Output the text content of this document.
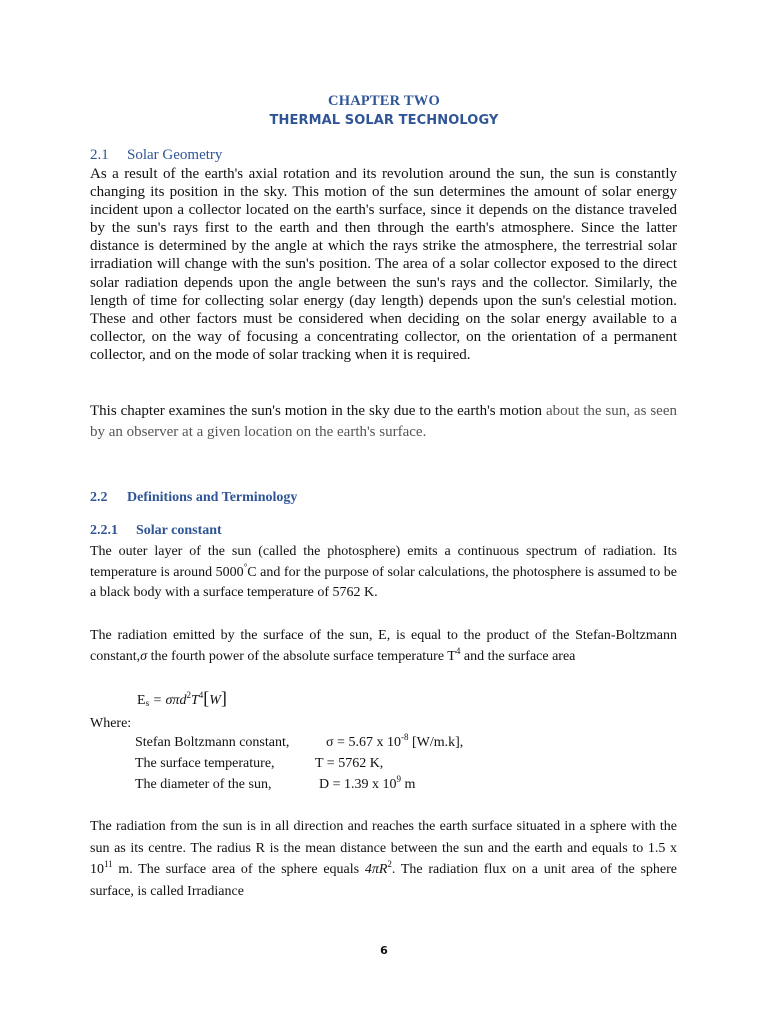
CHAPTER TWO
THERMAL SOLAR TECHNOLOGY
2.1 Solar Geometry

As a result of the earth's axial rotation and its revolution around the sun, the sun is constantly changing its position in the sky. This motion of the sun determines the amount of solar energy incident upon a collector located on the earth's surface, since it depends on the distance traveled by the sun's rays first to the earth and then through the earth's atmosphere. Since the latter distance is determined by the angle at which the rays strike the atmosphere, the terrestrial solar irradiation will change with the sun's position. The area of a solar collector exposed to the direct solar radiation depends upon the angle between the sun's rays and the collector. Similarly, the length of time for collecting solar energy (day length) depends upon the sun's celestial motion. These and other factors must be considered when deciding on the solar energy available to a collector, on the way of focusing a concentrating collector, on the orientation of a permanent collector, and on the mode of solar tracking when it is required.

This chapter examines the sun's motion in the sky due to the earth's motion about the sun, as seen by an observer at a given location on the earth's surface.

2.2 Definitions and Terminology
2.2.1 Solar constant

The outer layer of the sun (called the photosphere) emits a continuous spectrum of radiation. Its temperature is around 5000°C and for the purpose of solar calculations, the photosphere is assumed to be a black body with a surface temperature of 5762 K.

The radiation emitted by the surface of the sun, E, is equal to the product of the Stefan-Boltzmann constant,σ the fourth power of the absolute surface temperature $T^4$ and the surface area

$E_s = \sigma\pi d^2T^4[W]$
Where:
Stefan Boltzmann constant,	σ = 5.67 x $10^{-8}$ [W/m.k],
The surface temperature,	T = 5762 K,
The diameter of the sun,	D = 1.39 x $10^9$ m

The radiation from the sun is in all direction and reaches the earth surface situated in a sphere with the sun as its centre. The radius R is the mean distance between the sun and the earth and equals to 1.5 x $10^{11}$ m. The surface area of the sphere equals $4\pi R^2$. The radiation flux on a unit area of the sphere surface, is called Irradiance

6
